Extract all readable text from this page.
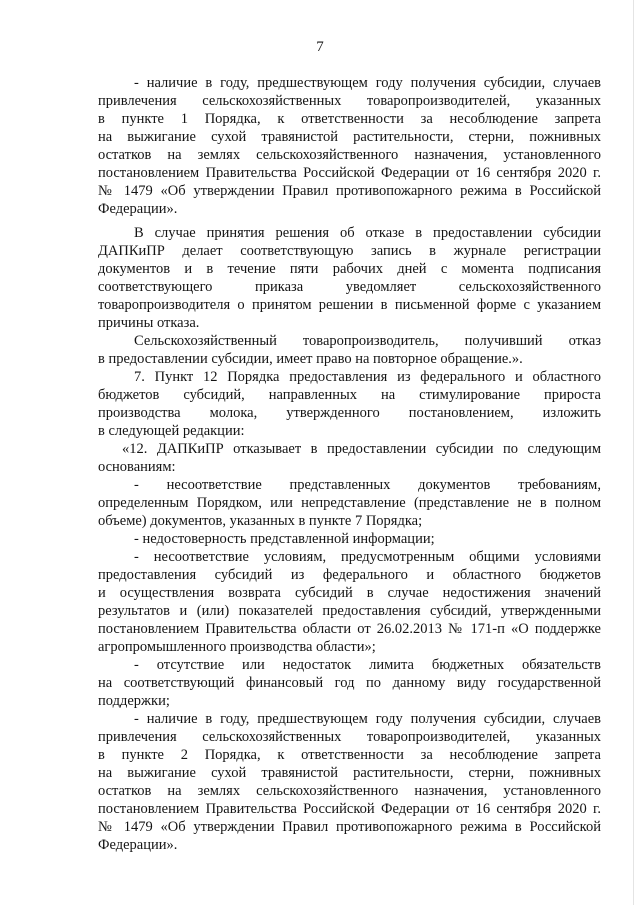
7
- наличие в году, предшествующем году получения субсидии, случаев
привлечения сельскохозяйственных товаропроизводителей, указанных
в пункте 1 Порядка, к ответственности за несоблюдение запрета
на выжигание сухой травянистой растительности, стерни, пожнивных
остатков на землях сельскохозяйственного назначения, установленного
постановлением Правительства Российской Федерации от 16 сентября 2020 г.
№ 1479 «Об утверждении Правил противопожарного режима в Российской
Федерации».
В случае принятия решения об отказе в предоставлении субсидии
ДАПКиПР делает соответствующую запись в журнале регистрации
документов и в течение пяти рабочих дней с момента подписания
соответствующего приказа уведомляет сельскохозяйственного
товаропроизводителя о принятом решении в письменной форме с указанием
причины отказа.
Сельскохозяйственный товаропроизводитель, получивший отказ
в предоставлении субсидии, имеет право на повторное обращение.».
7. Пункт 12 Порядка предоставления из федерального и областного
бюджетов субсидий, направленных на стимулирование прироста
производства молока, утвержденного постановлением, изложить
в следующей редакции:
«12. ДАПКиПР отказывает в предоставлении субсидии по следующим
основаниям:
- несоответствие представленных документов требованиям,
определенным Порядком, или непредставление (представление не в полном
объеме) документов, указанных в пункте 7 Порядка;
- недостоверность представленной информации;
- несоответствие условиям, предусмотренным общими условиями
предоставления субсидий из федерального и областного бюджетов
и осуществления возврата субсидий в случае недостижения значений
результатов и (или) показателей предоставления субсидий, утвержденными
постановлением Правительства области от 26.02.2013 № 171-п «О поддержке
агропромышленного производства области»;
- отсутствие или недостаток лимита бюджетных обязательств
на соответствующий финансовый год по данному виду государственной
поддержки;
- наличие в году, предшествующем году получения субсидии, случаев
привлечения сельскохозяйственных товаропроизводителей, указанных
в пункте 2 Порядка, к ответственности за несоблюдение запрета
на выжигание сухой травянистой растительности, стерни, пожнивных
остатков на землях сельскохозяйственного назначения, установленного
постановлением Правительства Российской Федерации от 16 сентября 2020 г.
№ 1479 «Об утверждении Правил противопожарного режима в Российской
Федерации».
